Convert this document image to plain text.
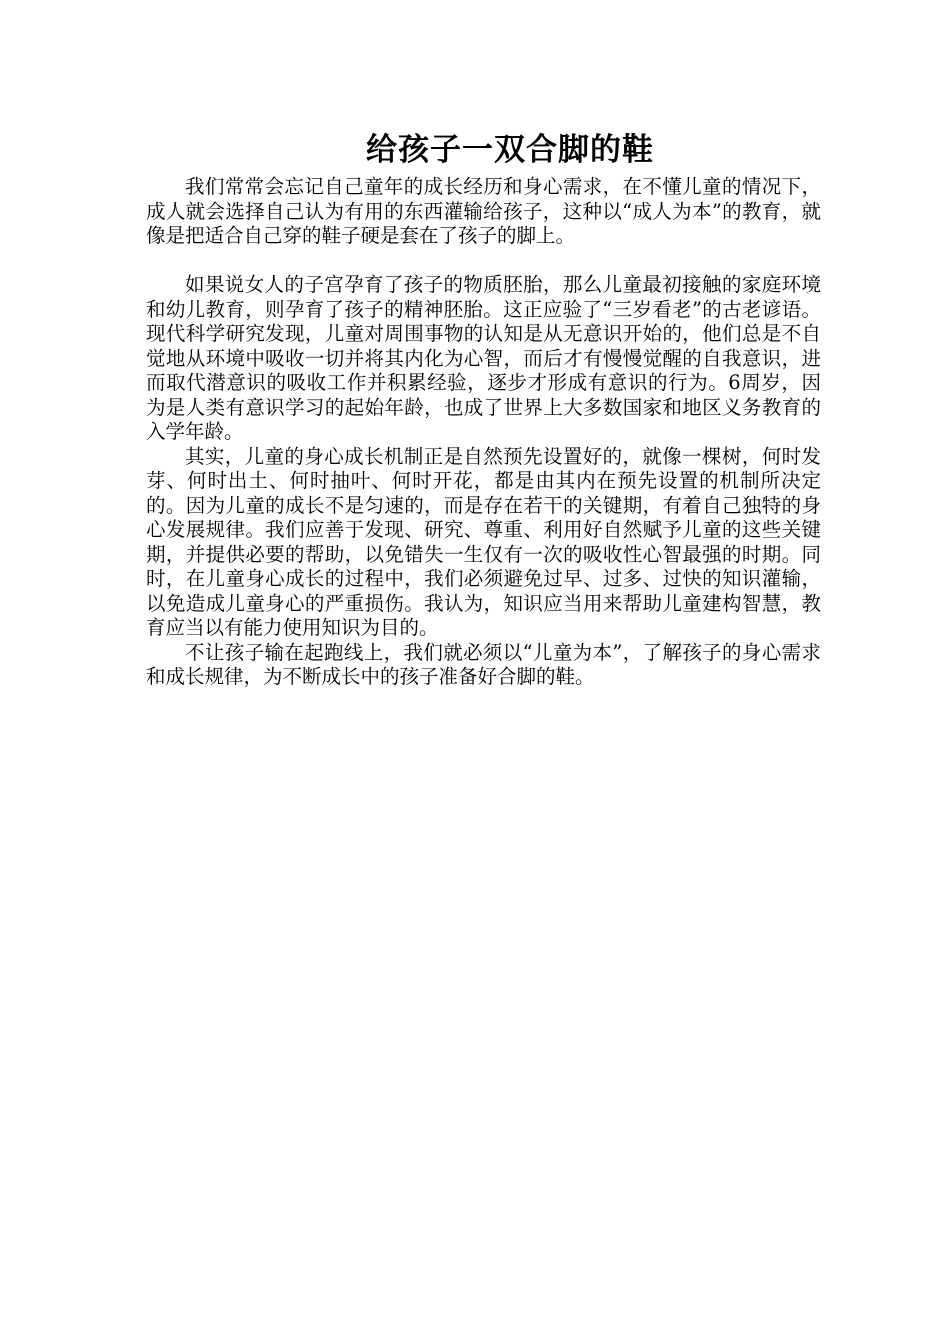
给孩子一双合脚的鞋

我们常常会忘记自己童年的成长经历和身心需求，在不懂儿童的情况下，成人就会选择自己认为有用的东西灌输给孩子，这种以“成人为本”的教育，就像是把适合自己穿的鞋子硬是套在了孩子的脚上。

如果说女人的子宫孕育了孩子的物质胚胎，那么儿童最初接触的家庭环境和幼儿教育，则孕育了孩子的精神胚胎。这正应验了“三岁看老”的古老谚语。现代科学研究发现，儿童对周围事物的认知是从无意识开始的，他们总是不自觉地从环境中吸收一切并将其内化为心智，而后才有慢慢觉醒的自我意识，进而取代潜意识的吸收工作并积累经验，逐步才形成有意识的行为。6周岁，因为是人类有意识学习的起始年龄，也成了世界上大多数国家和地区义务教育的入学年龄。

其实，儿童的身心成长机制正是自然预先设置好的，就像一棵树，何时发芽、何时出土、何时抽叶、何时开花，都是由其内在预先设置的机制所决定的。因为儿童的成长不是匀速的，而是存在若干的关键期，有着自己独特的身心发展规律。我们应善于发现、研究、尊重、利用好自然赋予儿童的这些关键期，并提供必要的帮助，以免错失一生仅有一次的吸收性心智最强的时期。同时，在儿童身心成长的过程中，我们必须避免过早、过多、过快的知识灌输，以免造成儿童身心的严重损伤。我认为，知识应当用来帮助儿童建构智慧，教育应当以有能力使用知识为目的。

不让孩子输在起跑线上，我们就必须以“儿童为本”，了解孩子的身心需求和成长规律，为不断成长中的孩子准备好合脚的鞋。
